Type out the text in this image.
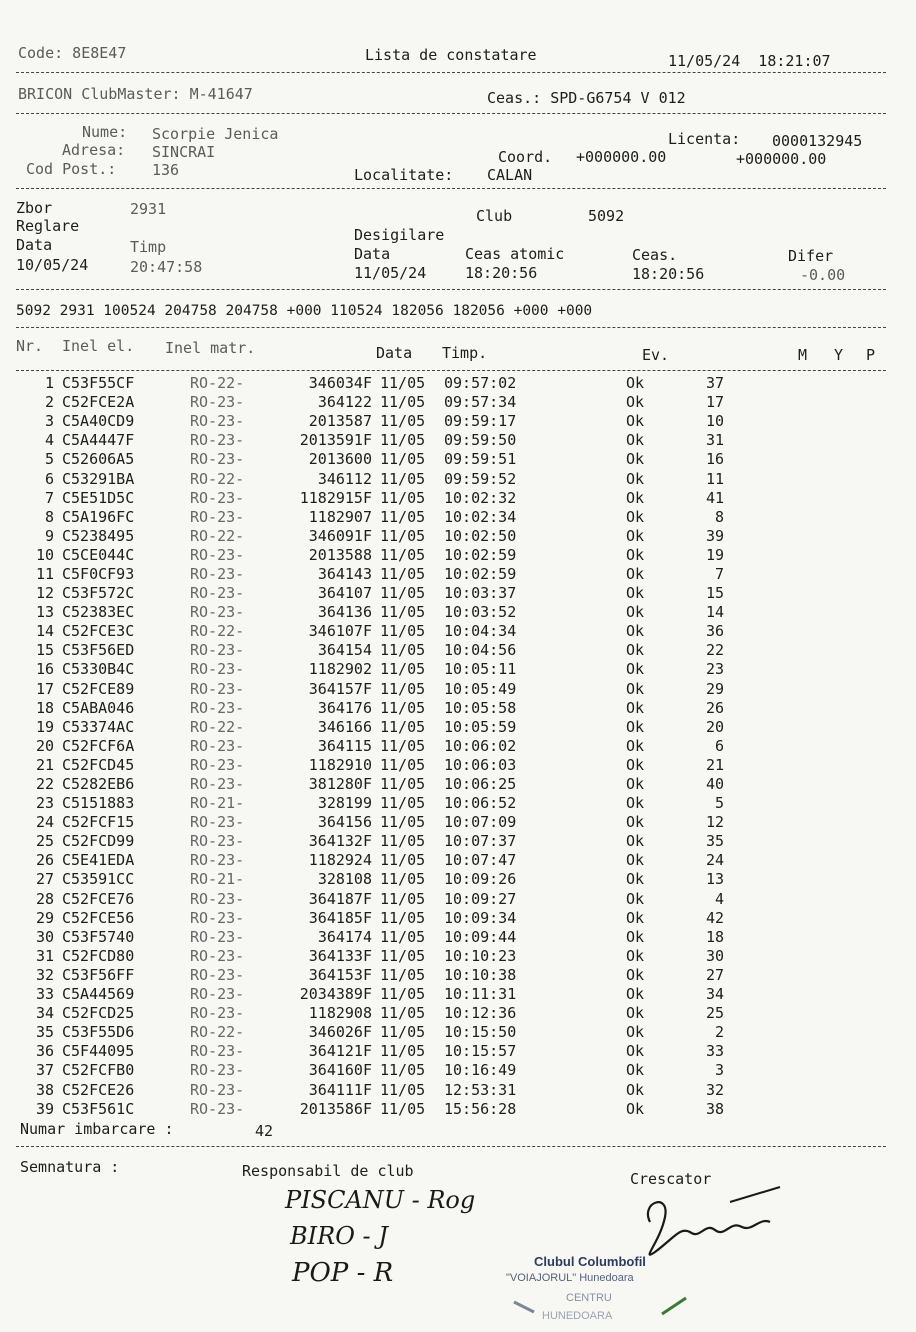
Code: 8E8E47	Lista de constatare	11/05/24  18:21:07
BRICON ClubMaster: M-41647	Ceas.: SPD-G6754 V 012
Nume: Scorpie Jenica	Licenta: 0000132945
Adresa: SINCRAI	Coord. +000000.00	+000000.00
Cod Post.: 136	Localitate: CALAN
Zbor	2931	Club	5092
Reglare	Desigilare
Data	Timp	Data	Ceas atomic	Ceas.	Difer
10/05/24	20:47:58	11/05/24	18:20:56	18:20:56	-0.00
5092 2931 100524 204758 204758 +000 110524 182056 182056 +000 +000
Nr. Inel el. Inel matr.	Data Timp.	Ev.	M Y P
1	C53F55CF	RO-22-	346034F	11/05	09:57:02	Ok	37
2	C52FCE2A	RO-23-	364122	11/05	09:57:34	Ok	17
3	C5A40CD9	RO-23-	2013587	11/05	09:59:17	Ok	10
4	C5A4447F	RO-23-	2013591F	11/05	09:59:50	Ok	31
5	C52606A5	RO-23-	2013600	11/05	09:59:51	Ok	16
6	C53291BA	RO-22-	346112	11/05	09:59:52	Ok	11
7	C5E51D5C	RO-23-	1182915F	11/05	10:02:32	Ok	41
8	C5A196FC	RO-23-	1182907	11/05	10:02:34	Ok	8
9	C5238495	RO-22-	346091F	11/05	10:02:50	Ok	39
10	C5CE044C	RO-23-	2013588	11/05	10:02:59	Ok	19
11	C5F0CF93	RO-23-	364143	11/05	10:02:59	Ok	7
12	C53F572C	RO-23-	364107	11/05	10:03:37	Ok	15
13	C52383EC	RO-23-	364136	11/05	10:03:52	Ok	14
14	C52FCE3C	RO-22-	346107F	11/05	10:04:34	Ok	36
15	C53F56ED	RO-23-	364154	11/05	10:04:56	Ok	22
16	C5330B4C	RO-23-	1182902	11/05	10:05:11	Ok	23
17	C52FCE89	RO-23-	364157F	11/05	10:05:49	Ok	29
18	C5ABA046	RO-23-	364176	11/05	10:05:58	Ok	26
19	C53374AC	RO-22-	346166	11/05	10:05:59	Ok	20
20	C52FCF6A	RO-23-	364115	11/05	10:06:02	Ok	6
21	C52FCD45	RO-23-	1182910	11/05	10:06:03	Ok	21
22	C5282EB6	RO-23-	381280F	11/05	10:06:25	Ok	40
23	C5151883	RO-21-	328199	11/05	10:06:52	Ok	5
24	C52FCF15	RO-23-	364156	11/05	10:07:09	Ok	12
25	C52FCD99	RO-23-	364132F	11/05	10:07:37	Ok	35
26	C5E41EDA	RO-23-	1182924	11/05	10:07:47	Ok	24
27	C53591CC	RO-21-	328108	11/05	10:09:26	Ok	13
28	C52FCE76	RO-23-	364187F	11/05	10:09:27	Ok	4
29	C52FCE56	RO-23-	364185F	11/05	10:09:34	Ok	42
30	C53F5740	RO-23-	364174	11/05	10:09:44	Ok	18
31	C52FCD80	RO-23-	364133F	11/05	10:10:23	Ok	30
32	C53F56FF	RO-23-	364153F	11/05	10:10:38	Ok	27
33	C5A44569	RO-23-	2034389F	11/05	10:11:31	Ok	34
34	C52FCD25	RO-23-	1182908	11/05	10:12:36	Ok	25
35	C53F55D6	RO-22-	346026F	11/05	10:15:50	Ok	2
36	C5F44095	RO-23-	364121F	11/05	10:15:57	Ok	33
37	C52FCFB0	RO-23-	364160F	11/05	10:16:49	Ok	3
38	C52FCE26	RO-23-	364111F	11/05	12:53:31	Ok	32
39	C53F561C	RO-23-	2013586F	11/05	15:56:28	Ok	38
Numar imbarcare :	42
Semnatura :	Responsabil de club	Crescator
PISCANU - Rog
BIRO - J
POP - R	Clubul Columbofil
"VOIAJORUL" Hunedoara
CENTRU
HUNEDOARA
